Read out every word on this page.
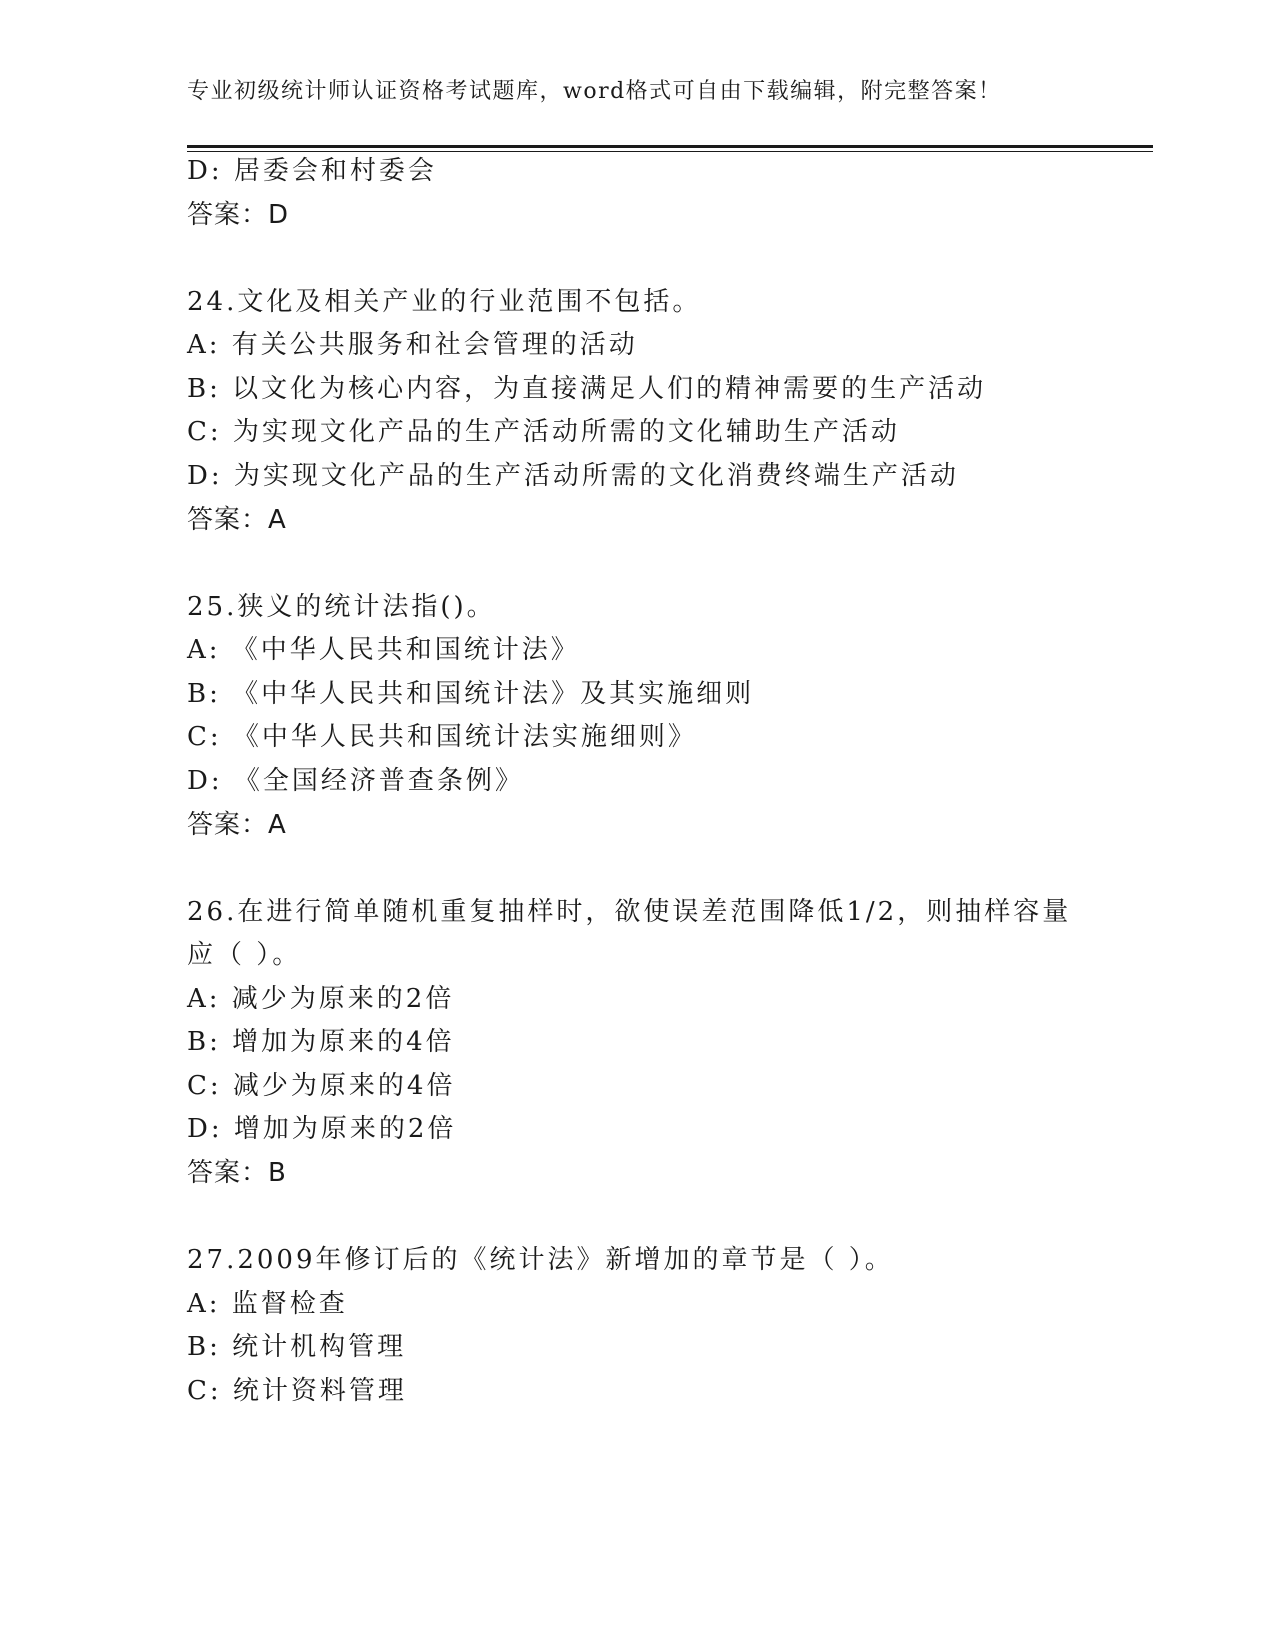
专业初级统计师认证资格考试题库，word格式可自由下载编辑，附完整答案！
D: 居委会和村委会
答案：D
24.文化及相关产业的行业范围不包括。
A: 有关公共服务和社会管理的活动
B: 以文化为核心内容，为直接满足人们的精神需要的生产活动
C: 为实现文化产品的生产活动所需的文化辅助生产活动
D: 为实现文化产品的生产活动所需的文化消费终端生产活动
答案：A
25.狭义的统计法指()。
A: 《中华人民共和国统计法》
B: 《中华人民共和国统计法》及其实施细则
C: 《中华人民共和国统计法实施细则》
D: 《全国经济普查条例》
答案：A
26.在进行简单随机重复抽样时，欲使误差范围降低1/2，则抽样容量
应（ ）。
A: 减少为原来的2倍
B: 增加为原来的4倍
C: 减少为原来的4倍
D: 增加为原来的2倍
答案：B
27.2009年修订后的《统计法》新增加的章节是（ ）。
A: 监督检查
B: 统计机构管理
C: 统计资料管理
